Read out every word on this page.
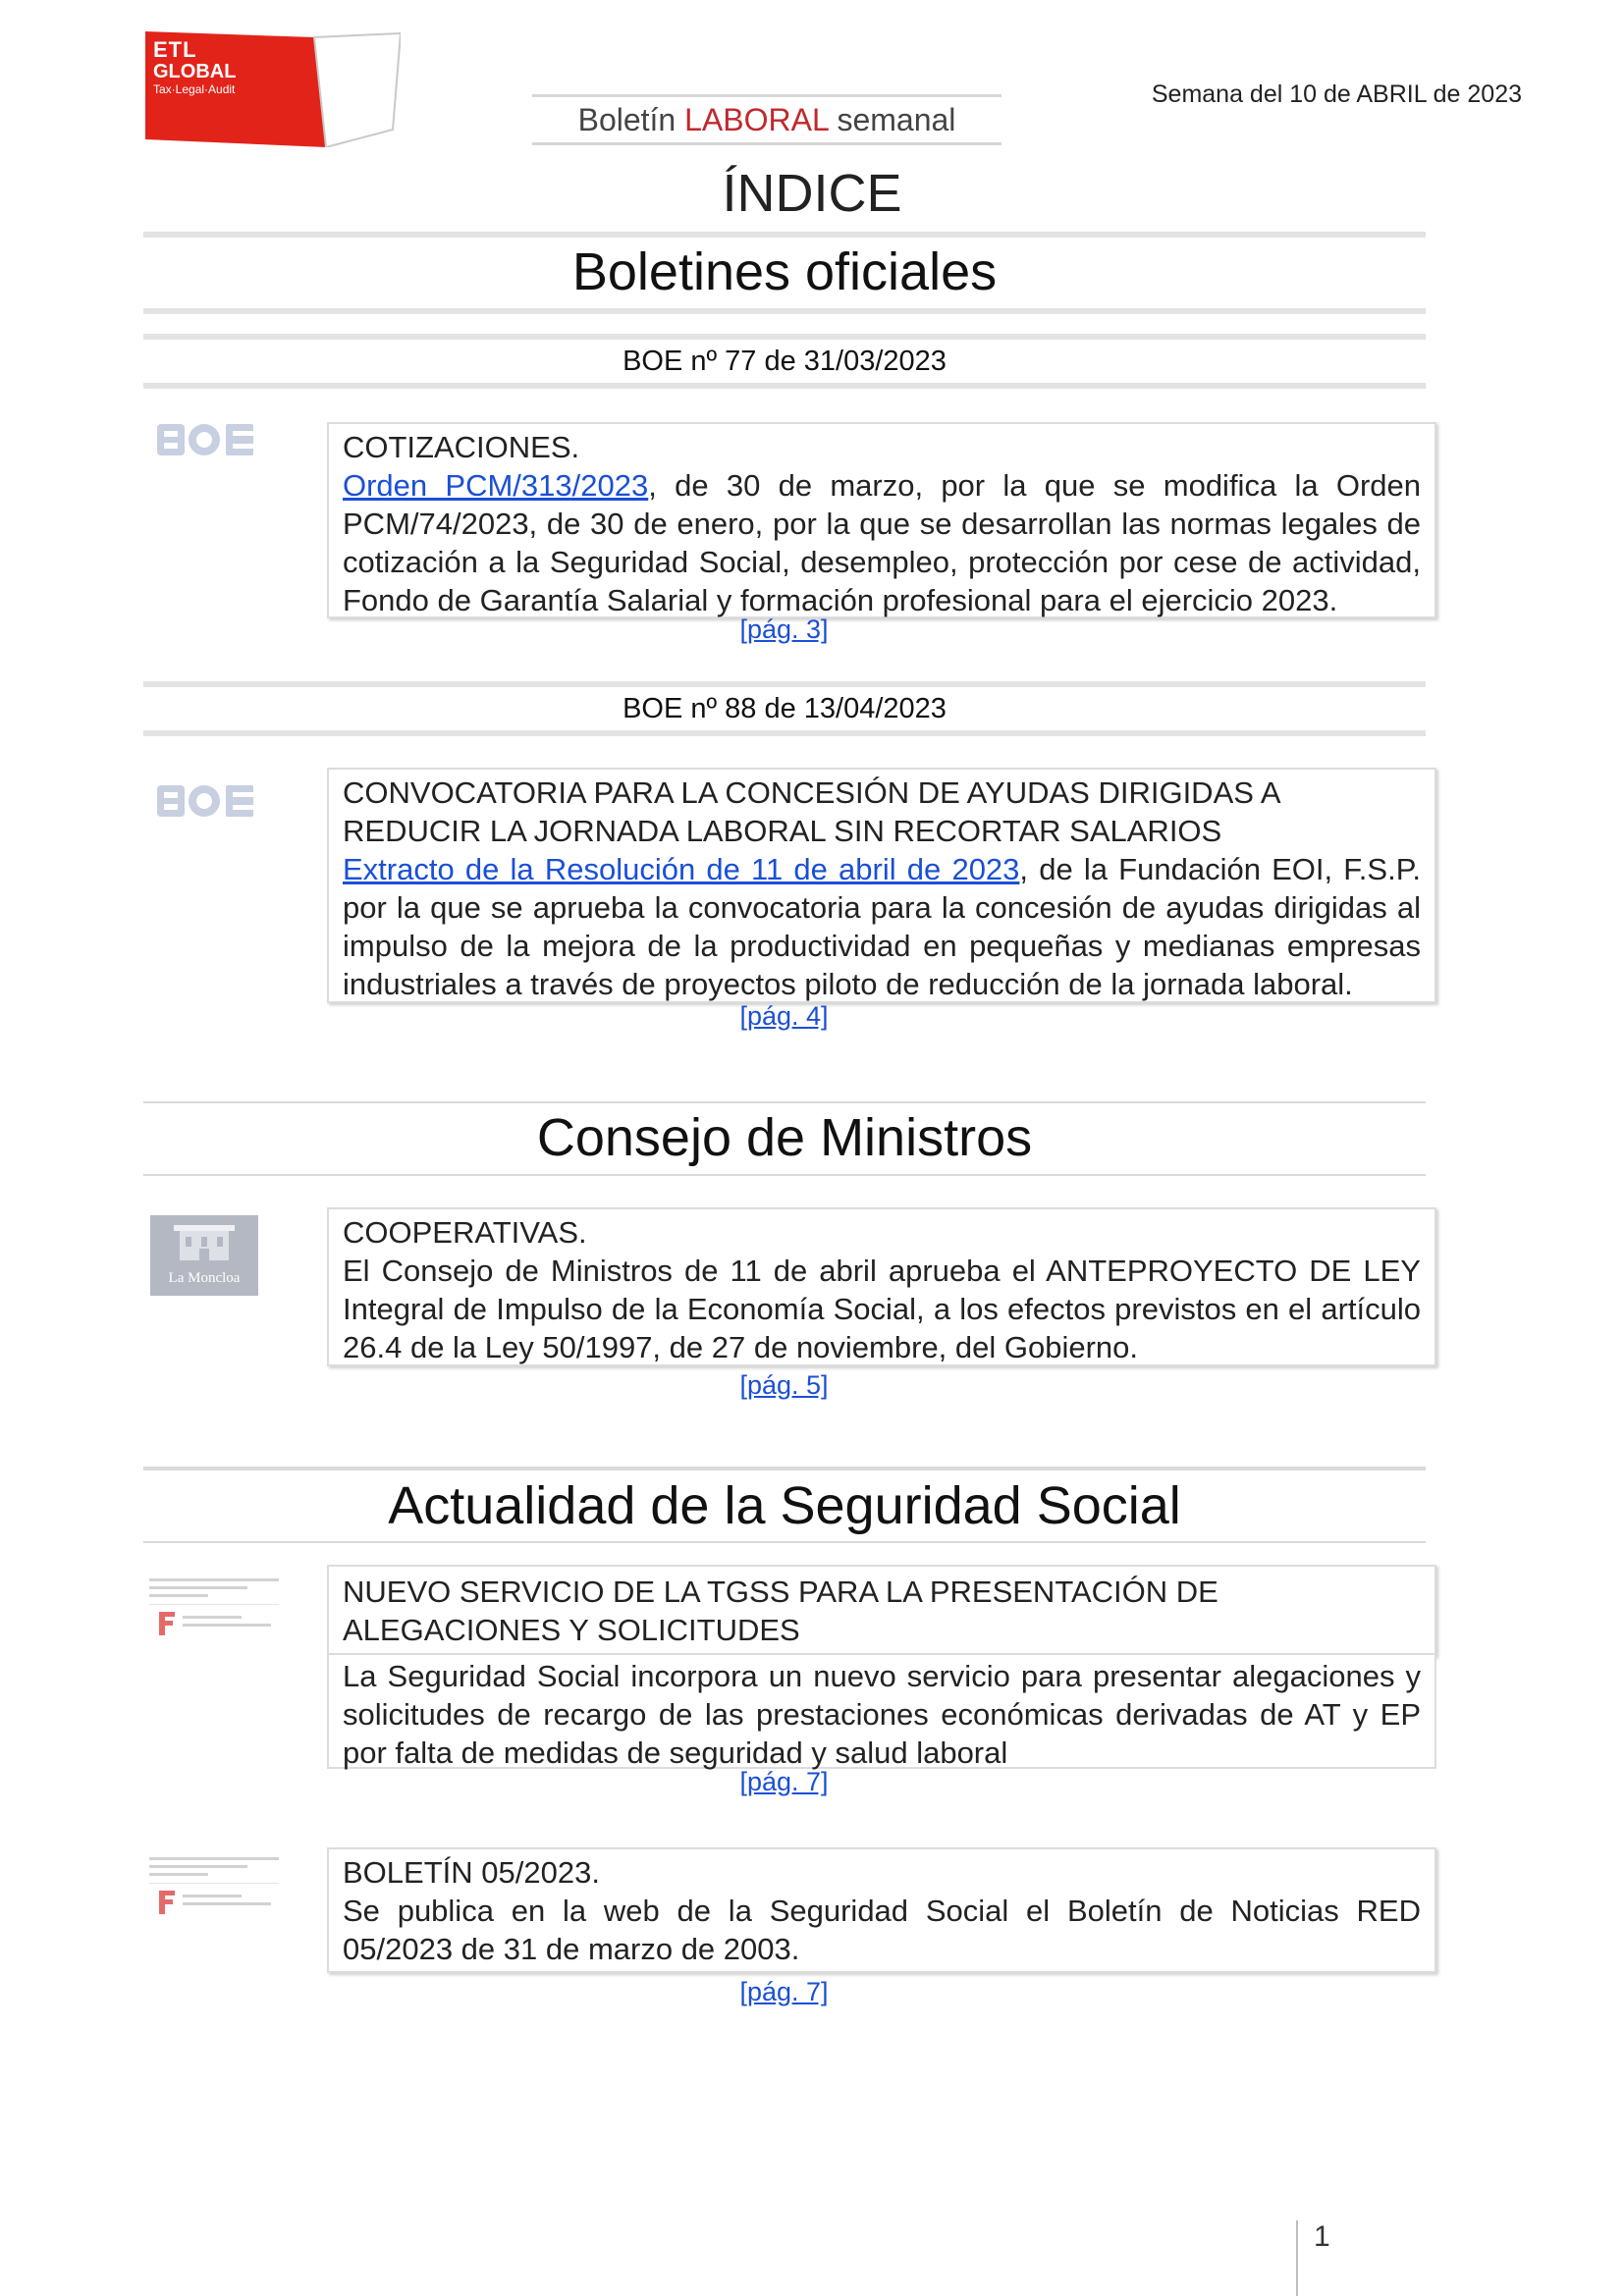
ETL
GLOBAL
Tax·Legal·Audit	Semana del 10 de ABRIL de 2023
Boletín LABORAL semanal
ÍNDICE
Boletines oficiales
BOE nº 77 de 31/03/2023
COTIZACIONES.
Orden PCM/313/2023, de 30 de marzo, por la que se modifica la Orden PCM/74/2023, de 30 de enero, por la que se desarrollan las normas legales de cotización a la Seguridad Social, desempleo, protección por cese de actividad, Fondo de Garantía Salarial y formación profesional para el ejercicio 2023.
[pág. 3]
BOE nº 88 de 13/04/2023
CONVOCATORIA PARA LA CONCESIÓN DE AYUDAS DIRIGIDAS A REDUCIR LA JORNADA LABORAL SIN RECORTAR SALARIOS
Extracto de la Resolución de 11 de abril de 2023, de la Fundación EOI, F.S.P. por la que se aprueba la convocatoria para la concesión de ayudas dirigidas al impulso de la mejora de la productividad en pequeñas y medianas empresas industriales a través de proyectos piloto de reducción de la jornada laboral.
[pág. 4]
Consejo de Ministros
La Moncloa
COOPERATIVAS.
El Consejo de Ministros de 11 de abril aprueba el ANTEPROYECTO DE LEY Integral de Impulso de la Economía Social, a los efectos previstos en el artículo 26.4 de la Ley 50/1997, de 27 de noviembre, del Gobierno.
[pág. 5]
Actualidad de la Seguridad Social
NUEVO SERVICIO DE LA TGSS PARA LA PRESENTACIÓN DE ALEGACIONES Y SOLICITUDES
La Seguridad Social incorpora un nuevo servicio para presentar alegaciones y solicitudes de recargo de las prestaciones económicas derivadas de AT y EP por falta de medidas de seguridad y salud laboral
[pág. 7]
BOLETÍN 05/2023.
Se publica en la web de la Seguridad Social el Boletín de Noticias RED 05/2023 de 31 de marzo de 2003.
[pág. 7]
1
